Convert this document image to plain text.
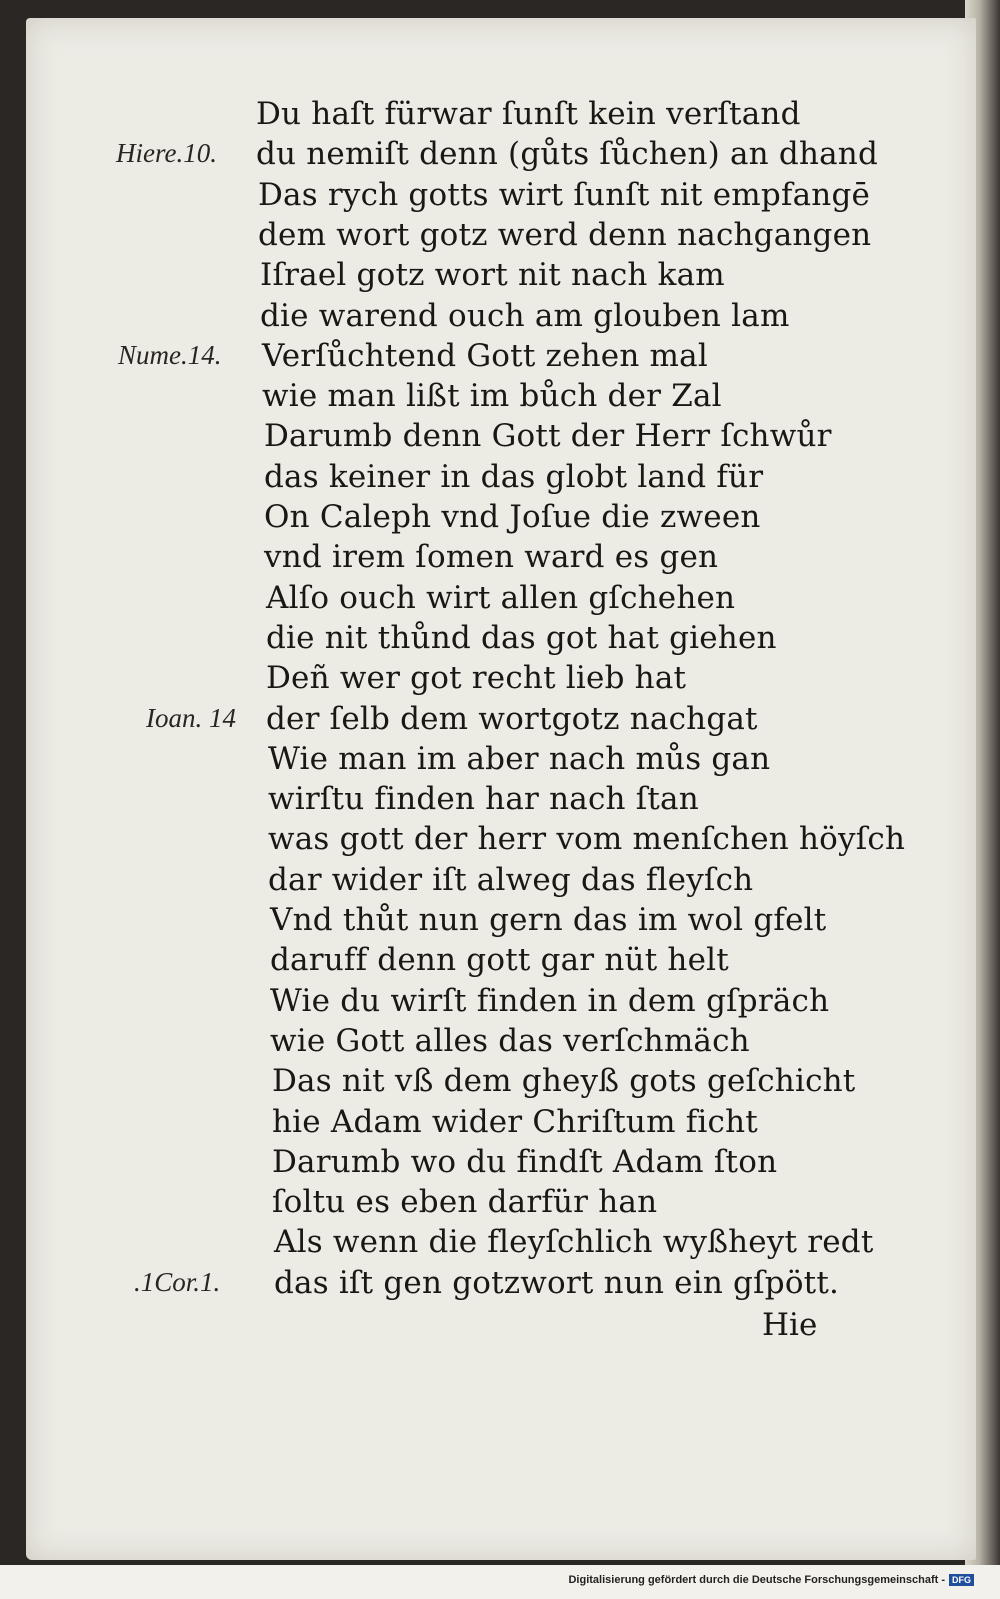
Du haſt fürwar ſunſt kein verſtand
du nemiſt denn (gůts ſůchen) an dhand
Das rych gotts wirt ſunſt nit empfangē
dem wort gotz werd denn nachgangen
Iſrael gotz wort nit nach kam
die warend ouch am glouben lam
Verſůchtend Gott zehen mal
wie man lißt im bůch der Zal
Darumb denn Gott der Herr ſchwůr
das keiner in das globt land für
On Caleph vnd Joſue die zween
vnd irem ſomen ward es gen
Alſo ouch wirt allen gſchehen
die nit thůnd das got hat giehen
Deñ wer got recht lieb hat
der ſelb dem wortgotz nachgat
Wie man im aber nach můs gan
wirſtu finden har nach ſtan
was gott der herr vom menſchen höyſch
dar wider iſt alweg das fleyſch
Vnd thůt nun gern das im wol gfelt
daruff denn gott gar nüt helt
Wie du wirſt finden in dem gſpräch
wie Gott alles das verſchmäch
Das nit vß dem gheyß gots geſchicht
hie Adam wider Chriſtum ficht
Darumb wo du findſt Adam ſton
ſoltu es eben darfür han
Als wenn die fleyſchlich wyßheyt redt
das iſt gen gotzwort nun ein gſpött.
Hiere.10.
Nume.14.
Ioan. 14
.1Cor.1.
Hie
Digitalisierung gefördert durch die Deutsche Forschungsgemeinschaft - DFG
